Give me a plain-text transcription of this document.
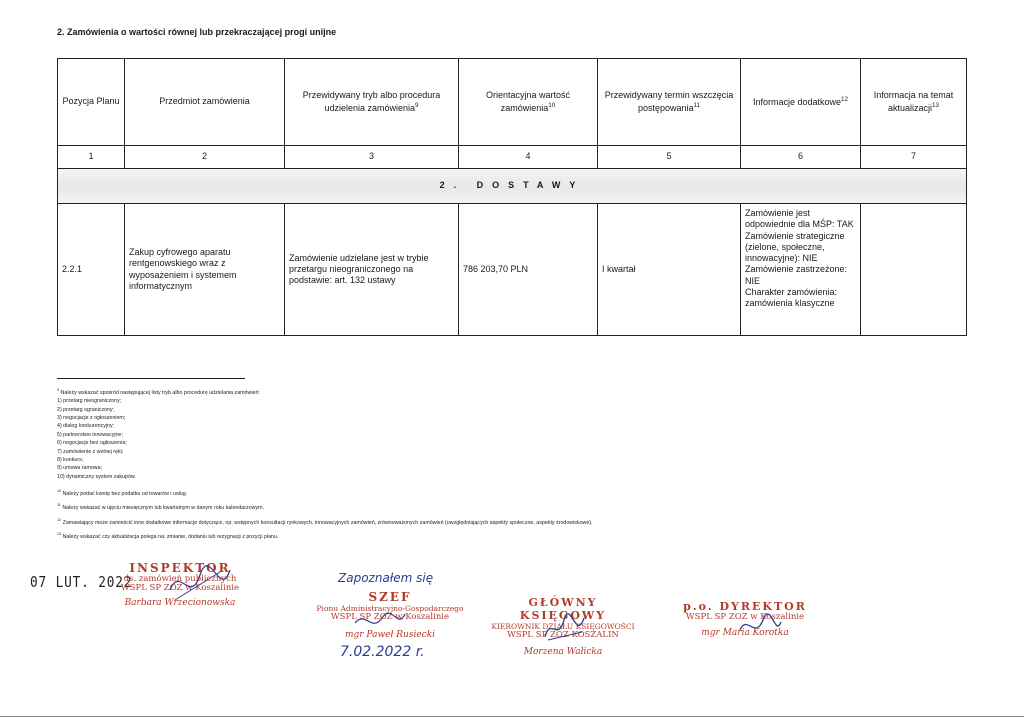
2. Zamówienia o wartości równej lub przekraczającej progi unijne
Pozycja Planu	Przedmiot zamówienia	Przewidywany tryb albo procedura udzielenia zamówienia$^9$	Orientacyjna wartość zamówienia$^{10}$	Przewidywany termin wszczęcia postępowania$^{11}$	Informacje dodatkowe$^{12}$	Informacja na temat aktualizacji$^{13}$
1	2	3	4	5	6	7
2. DOSTAWY						
2.2.1	Zakup cyfrowego aparatu rentgenowskiego wraz z wyposażeniem i systemem informatycznym	Zamówienie udzielane jest w trybie przetargu nieograniczonego na podstawie: art. 132 ustawy	786 203,70 PLN	I kwartał	Zamówienie jest odpowiednie dla MŚP: TAK
Zamówienie strategiczne (zielone, społeczne, innowacyjne): NIE
Zamówienie zastrzeżone: NIE
Charakter zamówienia: zamówienia klasyczne	

$^9$ Należy wskazać spośród następującej listy tryb albo procedurę udzielania zamówień:
1) przetarg nieograniczony;
2) przetarg ograniczony;
3) negocjacje z ogłoszeniem;
4) dialog konkurencyjny;
5) partnerstwo innowacyjne;
6) negocjacje bez ogłoszenia;
7) zamówienie z wolnej ręki;
8) konkurs;
9) umowa ramowa;
10) dynamiczny system zakupów.
$^{10}$ Należy podać kwotę bez podatku od towarów i usług.
$^{11}$ Należy wskazać w ujęciu miesięcznym lub kwartalnym w danym roku kalendarzowym.
$^{12}$ Zamawiający może zamieścić inne dodatkowe informacje dotyczące, np. wstępnych konsultacji rynkowych, innowacyjnych zamówień, zrównoważonych zamówień (uwzględniających aspekty społeczne, aspekty środowiskowe).
$^{13}$ Należy wskazać czy aktualizacja polega na: zmianie, dodaniu lub rezygnacji z pozycji planu.
07 LUT. 2022
INSPEKTOR
ds. zamówień publicznych
WSPL SP ZOZ w Koszalinie
Barbara Wrzecionowska
Zapoznałem się
SZEF
Pionu Administracyjno-Gospodarczego
WSPL SP ZOZ w Koszalinie
mgr Paweł Rusiecki
7.02.2022 r.
GŁÓWNY KSIĘGOWY
KIEROWNIK DZIAŁU KSIĘGOWOŚCI
WSPL SP ZOZ KOSZALIN
Morzena Wałicka
p.o. DYREKTOR
WSPL SP ZOZ w Koszalinie
mgr Maria Korotka
